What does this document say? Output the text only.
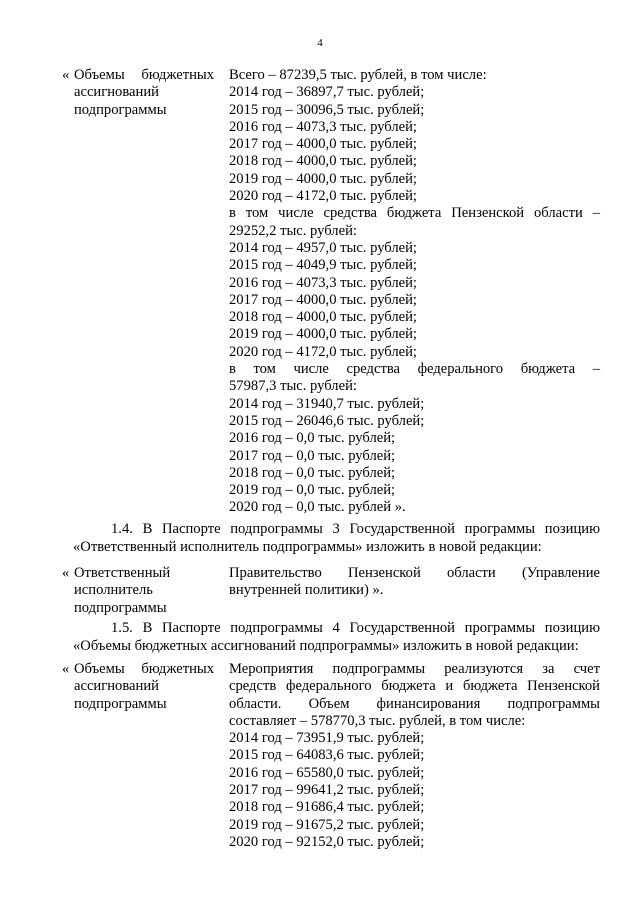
4
« Объемы бюджетных
ассигнований
подпрограммы
Всего – 87239,5 тыс. рублей, в том числе:
2014 год – 36897,7 тыс. рублей;
2015 год – 30096,5 тыс. рублей;
2016 год – 4073,3 тыс. рублей;
2017 год – 4000,0 тыс. рублей;
2018 год – 4000,0 тыс. рублей;
2019 год – 4000,0 тыс. рублей;
2020 год – 4172,0 тыс. рублей;
в том числе средства бюджета Пензенской области –
29252,2 тыс. рублей:
2014 год – 4957,0 тыс. рублей;
2015 год – 4049,9 тыс. рублей;
2016 год – 4073,3 тыс. рублей;
2017 год – 4000,0 тыс. рублей;
2018 год – 4000,0 тыс. рублей;
2019 год – 4000,0 тыс. рублей;
2020 год – 4172,0 тыс. рублей;
в том числе средства федерального бюджета –
57987,3 тыс. рублей:
2014 год – 31940,7 тыс. рублей;
2015 год – 26046,6 тыс. рублей;
2016 год – 0,0 тыс. рублей;
2017 год – 0,0 тыс. рублей;
2018 год – 0,0 тыс. рублей;
2019 год – 0,0 тыс. рублей;
2020 год – 0,0 тыс. рублей ».
1.4. В Паспорте подпрограммы 3 Государственной программы позицию
«Ответственный исполнитель подпрограммы» изложить в новой редакции:
« Ответственный
исполнитель
подпрограммы
Правительство Пензенской области (Управление
внутренней политики) ».
1.5. В Паспорте подпрограммы 4 Государственной программы позицию
«Объемы бюджетных ассигнований подпрограммы» изложить в новой редакции:
« Объемы бюджетных
ассигнований
подпрограммы
Мероприятия подпрограммы реализуются за счет
средств федерального бюджета и бюджета Пензенской
области. Объем финансирования подпрограммы
составляет – 578770,3 тыс. рублей, в том числе:
2014 год – 73951,9 тыс. рублей;
2015 год – 64083,6 тыс. рублей;
2016 год – 65580,0 тыс. рублей;
2017 год – 99641,2 тыс. рублей;
2018 год – 91686,4 тыс. рублей;
2019 год – 91675,2 тыс. рублей;
2020 год – 92152,0 тыс. рублей;
